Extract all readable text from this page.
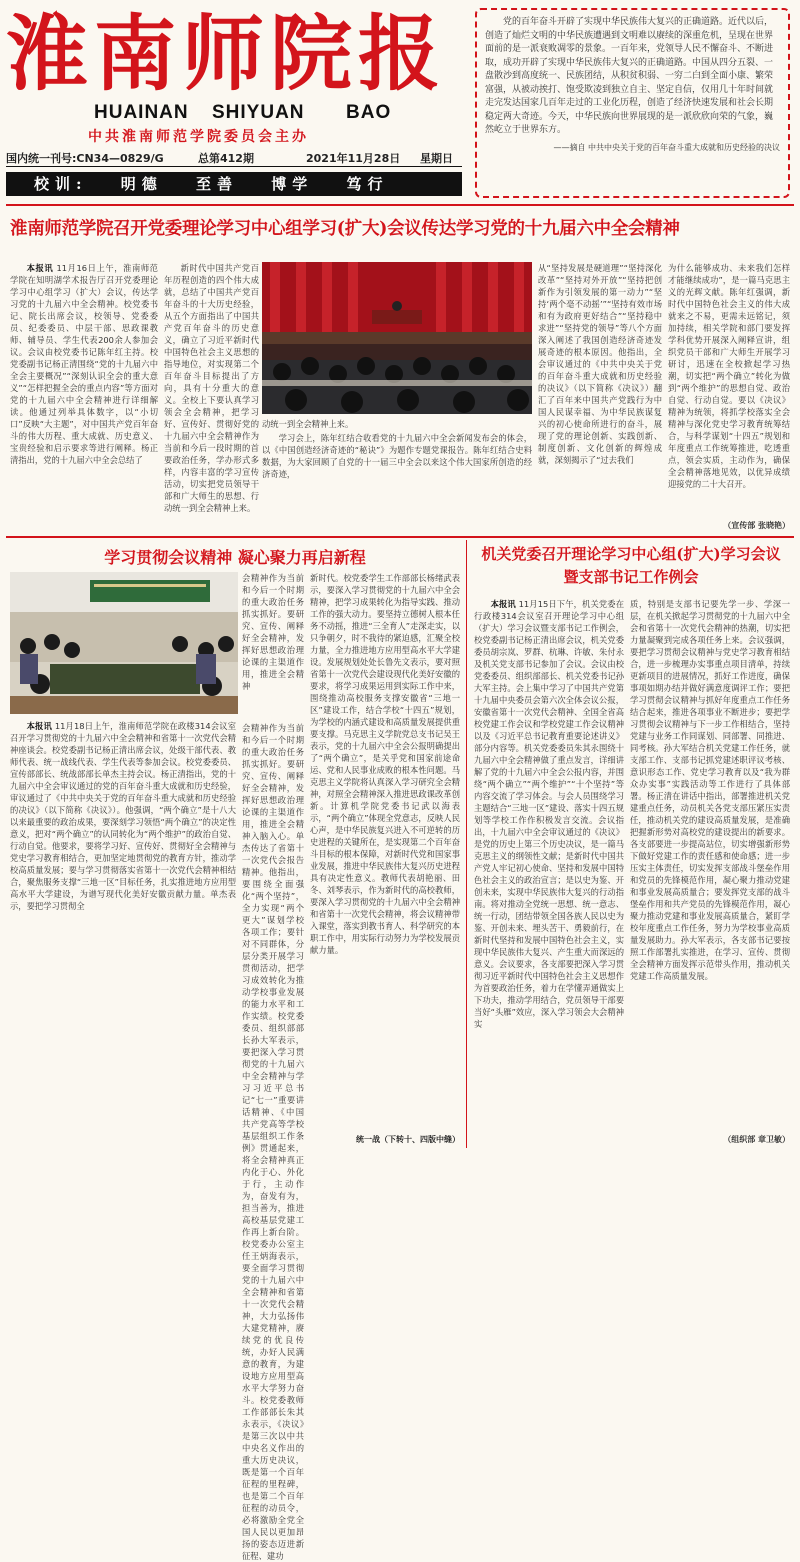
淮南师院报
HUAINAN SHIYUAN BAO
中共淮南师范学院委员会主办
国内统一刊号:CN34—0829/G	总第412期	2021年11月28日 星期日
校训: 明德 至善 博学 笃行
党的百年奋斗开辟了实现中华民族伟大复兴的正确道路。近代以后，创造了灿烂文明的中华民族遭遇到文明难以赓续的深重危机，呈现在世界面前的是一派衰败凋零的景象。一百年来，党领导人民不懈奋斗、不断进取，成功开辟了实现中华民族伟大复兴的正确道路。中国从四分五裂、一盘散沙到高度统一、民族团结，从积贫积弱、一穷二白到全面小康、繁荣富强，从被动挨打、饱受欺凌到独立自主、坚定自信，仅用几十年时间就走完发达国家几百年走过的工业化历程，创造了经济快速发展和社会长期稳定两大奇迹。今天，中华民族向世界展现的是一派欣欣向荣的气象，巍然屹立于世界东方。
——摘自 中共中央关于党的百年奋斗重大成就和历史经验的决议
淮南师范学院召开党委理论学习中心组学习(扩大)会议传达学习党的十九届六中全会精神

本报讯 11月16日上午，淮南师范学院在知明湖学术报告厅召开党委理论学习中心组学习（扩大）会议，传达学习党的十九届六中全会精神。校党委书记、院长出席会议，校领导、党委委员、纪委委员、中层干部、思政课教师、辅导员、学生代表200余人参加会议。会议由校党委书记陈年红主持。校党委副书记杨正清围绕“党的十九届六中全会主要概况”“深刻认识全会的重大意义”“怎样把握全会的重点内容”等方面对党的十九届六中全会精神进行详细解读。他通过列举具体数字，以“小切口”反映“大主题”，对中国共产党百年奋斗的伟大历程、重大成就、历史意义、宝贵经验和启示要求等进行阐释。杨正清指出，党的十九届六中全会总结了

新时代中国共产党百年历程创造的四个伟大成就，总结了中国共产党百年奋斗的十大历史经验，从五个方面指出了中国共产党百年奋斗的历史意义，确立了习近平新时代中国特色社会主义思想的指导地位，对实现第二个百年奋斗目标提出了方向，具有十分重大的意义。全校上下要认真学习领会全会精神，把学习好、宣传好、贯彻好党的十九届六中全会精神作为当前和今后一段时期的首要政治任务，学办形式多样，内容丰富的学习宣传活动，切实把党员领导干部和广大师生的思想、行动统一到全会精神上来。

动统一到全会精神上来。

学习会上，陈年红结合收看党的十九届六中全会新闻发布会的体会，以《中国创造经济奇迹的“秘诀”》为题作专题党课报告。陈年红结合史料数据，为大家回顾了自党的十一届三中全会以来这个伟大国家所创造的经济奇迹，

从“坚持发展是硬道理”“坚持深化改革”“坚持对外开放”“坚持把创新作为引领发展的第一动力”“坚持‘两个毫不动摇’”“坚持有效市场和有为政府更好结合”“坚持稳中求进”“坚持党的领导”等八个方面深入阐述了我国创造经济奇迹发展奇迹的根本原因。他指出，全会审议通过的《中共中央关于党的百年奋斗重大成就和历史经验的决议》（以下简称《决议》）翻汇了百年来中国共产党践行为中国人民谋幸福、为中华民族谋复兴的初心使命所进行的奋斗，展现了党的理论创新、实践创新、制度创新、文化创新的辉煌成就，深刻揭示了“过去我们

为什么能够成功、未来我们怎样才能继续成功”，是一篇马克思主义的光辉文献。陈年红强调，新时代中国特色社会主义的伟大成就来之不易，更需未远铭记，须加持续，相关学院和部门要发挥学科优势开展深入阐释宣讲，组织党员干部和广大师生开展学习研讨，迅速在全校掀起学习热潮，切实把“两个确立”转化为做到“两个维护”的思想自觉、政治自觉、行动自觉。要以《决议》精神为统领，将抓学校落实全会精神与深化党史学习教育统筹结合，与科学谋划“十四五”规划和年度重点工作统筹推进，吃透重点，领会实质，主动作为，确保全会精神落地见效，以优异成绩迎接党的二十大召开。

（宣传部 张晓艳）
学习贯彻会议精神 凝心聚力再启新程

会精神作为当前和今后一个时期的重大政治任务抓实抓好。要研究、宣传、阐释好全会精神，发挥好思想政治理论课的主渠道作用，推进全会精神

本报讯 11月18日上午，淮南师范学院在政楼314会议室召开学习贯彻党的十九届六中全会精神和省第十一次党代会精神座谈会。校党委副书记杨正清出席会议，处级干部代表、教师代表、统一战线代表、学生代表等参加会议。校党委委员、宣传部部长、统战部部长单杰主持会议。杨正清指出，党的十九届六中全会审议通过的党的百年奋斗重大成就和历史经验，审议通过了《中共中央关于党的百年奋斗重大成就和历史经验的决议》（以下简称《决议》）。他强调，“两个确立”是十八大以来最重要的政治成果，要深刻学习领悟“两个确立”的决定性意义，把对“两个确立”的认同转化为“两个维护”的政治自觉、行动自觉。他要求，要将学习好、宣传好、贯彻好全会精神与党史学习教育相结合，更加坚定地贯彻党的教育方针，推动学校高质量发展；要与学习贯彻落实省第十一次党代会精神相结合，聚焦服务支撑“三地一区”目标任务，扎实推进地方应用型高水平大学建设，为谱写现代化美好安徽贡献力量。单杰表示，要把学习贯彻全

会精神作为当前和今后一个时期的重大政治任务抓实抓好。要研究、宣传、阐释好全会精神，发挥好思想政治理论课的主渠道作用，推进全会精神入脑入心。单杰传达了省第十一次党代会报告精神。他指出，要围绕全面强化“两个坚持”，全力实现“两个更大”谋划学校各项工作；要针对不同群体，分层分类开展学习贯彻活动，把学习成效转化为推动学校事业发展的能力水平和工作实绩。校党委委员、组织部部长孙大军表示，要把深入学习贯彻党的十九届六中全会精神与学习习近平总书记“七一”重要讲话精神、《中国共产党高等学校基层组织工作条例》贯通起来，将全会精神真正内化于心、外化于行，主动作为，奋发有为，担当善为，推进高校基层党建工作再上新台阶。校党委办公室主任王炳海表示，要全面学习贯彻党的十九届六中全会精神和省第十一次党代会精神，大力弘扬伟大建党精神，赓续党的优良传统，办好人民满意的教育，为建设地方应用型高水平大学努力奋斗。校党委教师工作部部长朱其永表示，《决议》是第三次以中共中央名义作出的重大历史决议，既是第一个百年征程的里程碑，也是第二个百年征程的动员令，必将激励全党全国人民以更加昂扬的姿态迈进新征程、建功

新时代。校党委学生工作部部长杨绪武表示，要深入学习贯彻党的十九届六中全会精神，把学习成果转化为指导实践、推动工作的强大动力。要坚持立德树人根本任务不动摇，推进“三全育人”走深走实，以只争朝夕，时不我待的紧迫感，汇聚全校力量，全力推进地方应用型高水平大学建设。发展规划处处长鲁先文表示，要对照省第十一次党代会建设现代化美好安徽的要求，将学习成果运用到实际工作中来，围绕推动高校服务支撑安徽省“三地一区”建设工作，结合学校“十四五”规划，为学校的内涵式建设和高质量发展提供重要支撑。马克思主义学院党总支书记吴王表示，党的十九届六中全会公报明确提出了“两个确立”，是关乎党和国家前途命运、党和人民事业成败的根本性问题。马克思主义学院将认真深入学习研究全会精神，对照全会精神深入推进思政课改革创新。计算机学院党委书记武以海表示，“两个确立”体现全党意志，反映人民心声，是中华民族复兴进入不可逆转的历史进程的关键所在，是实现第二个百年奋斗目标的根本保障，对新时代党和国家事业发展，推进中华民族伟大复兴历史进程具有决定性意义。教师代表胡艳丽、田冬、刘琴表示，作为新时代的高校教师，要深入学习贯彻党的十九届六中全会精神和省第十一次党代会精神，将会议精神带入课堂，落实到教书育人、科学研究的本职工作中，用实际行动努力为学校发展贡献力量。

统一战（下转十、四版中缝）
机关党委召开理论学习中心组(扩大)学习会议
暨支部书记工作例会

本报讯 11月15日下午，机关党委在行政楼314会议室召开理论学习中心组（扩大）学习会议暨支部书记工作例会，校党委副书记杨正清出席会议，机关党委委员胡宗岚、罗群、杭琳、许敏、朱付永及机关党支部书记参加了会议。会议由校党委委员、组织部部长、机关党委书记孙大军主持。会上集中学习了中国共产党第十九届中央委员会第六次全体会议公报，安徽省第十一次党代会精神、全国全省高校党建工作会议和学校党建工作会议精神以及《习近平总书记教育重要论述讲义》部分内容等。机关党委委员朱其永围绕十九届六中全会精神做了重点发言，详细讲解了党的十九届六中全会公报内容，并围绕“两个确立”“两个维护”“十个坚持”等内容交流了学习体会。与会人员围绕学习主题结合“三地一区”建设、落实十四五规划等学校工作作积极发言交流。会议指出，十九届六中全会审议通过的《决议》是党的历史上第三个历史决议，是一篇马克思主义的纲领性文献；是新时代中国共产党人牢记初心使命、坚持和发展中国特色社会主义的政治宣言；是以史为鉴、开创未来，实现中华民族伟大复兴的行动指南。将对推动全党统一思想、统一意志、统一行动，团结带领全国各族人民以史为鉴、开创未来、埋头苦干、勇毅前行，在新时代坚持和发展中国特色社会主义，实现中华民族伟大复兴、产生重大而深远的意义。会议要求，各支部要把深入学习贯彻习近平新时代中国特色社会主义思想作为首要政治任务，着力在学懂弄通做实上下功夫，推动学用结合，党员领导干部要当好“头雁”效应，深入学习领会大会精神实

质，特别是支部书记要先学一步、学深一层，在机关掀起学习贯彻党的十九届六中全会和省第十一次党代会精神的热潮，切实把力量凝聚到完成各项任务上来。会议强调，要把学习贯彻会议精神与党史学习教育相结合，进一步梳理办实事重点项目清单，持续更新项目的进展情况，抓好工作进度，确保事项如期办结并做好满意度调评工作；要把学习贯彻会议精神与抓好年度重点工作任务结合起来，推进各项事业不断进步；要把学习贯彻会议精神与下一步工作相结合，坚持党建与业务工作同谋划、同部署、同推进、同考核。孙大军结合机关党建工作任务，就支部工作、支部书记抓党建述职评议考核、意识形态工作、党史学习教育以及“我为群众办实事”实践活动等工作进行了具体部署。杨正清在讲话中指出，部署推进机关党建重点任务，动员机关各党支部压紧压实责任，推动机关党的建设高质量发展，是准确把握新形势对高校党的建设提出的新要求。各支部要进一步提高站位，切实增强新形势下做好党建工作的责任感和使命感；进一步压实主体责任，切实发挥支部战斗堡垒作用和党员的先锋模范作用，凝心聚力推动党建和事业发展高质量合；要发挥党支部的战斗堡垒作用和共产党员的先锋模范作用，凝心聚力推动党建和事业发展高质量合，紧盯学校年度重点工作任务，努力为学校事业高质量发展助力。孙大军表示，各支部书记要按照工作部署扎实推进，在学习、宣传、贯彻全会精神方面发挥示范带头作用，推动机关党建工作高质量发展。

（组织部 章卫敏）
